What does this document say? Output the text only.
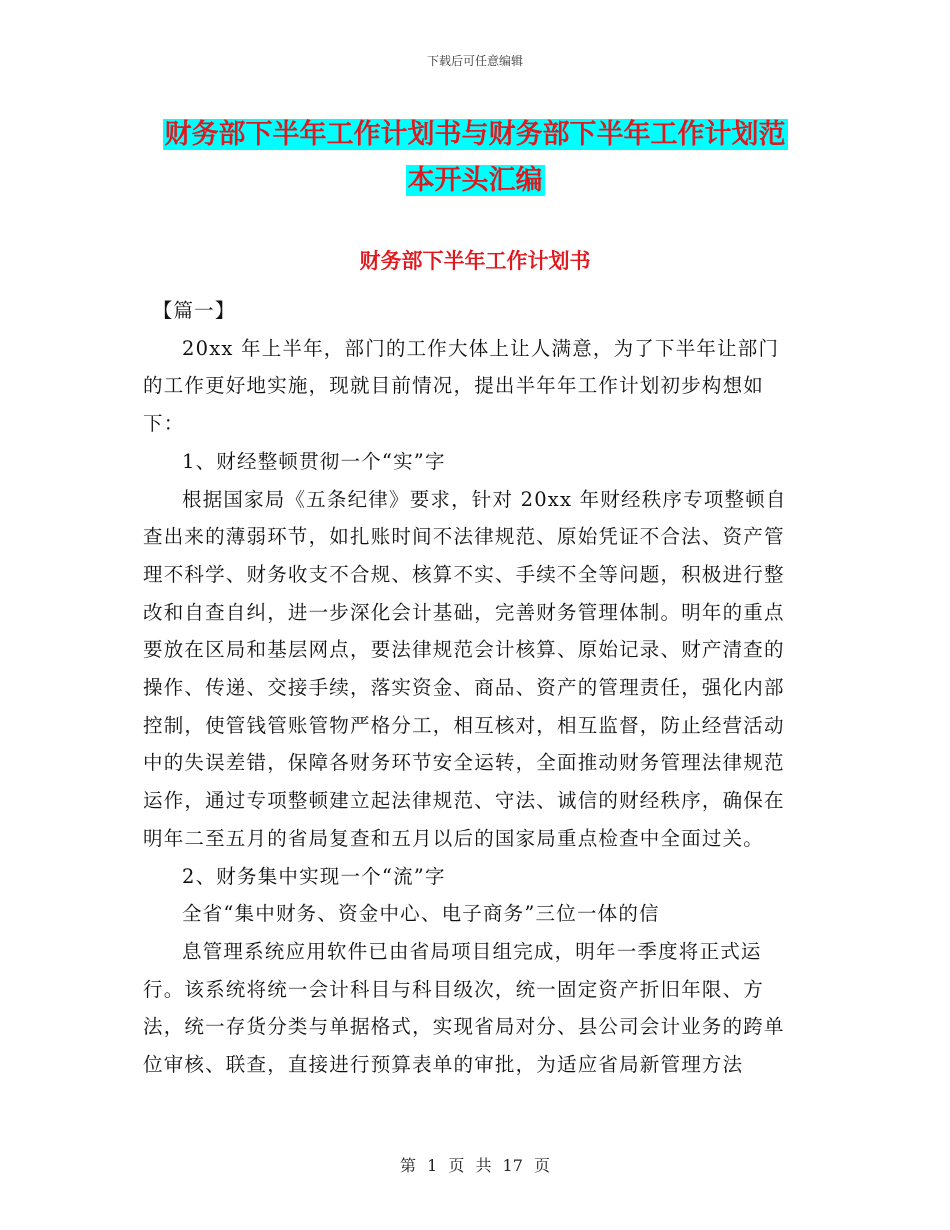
下载后可任意编辑
财务部下半年工作计划书与财务部下半年工作计划范
本开头汇编
财务部下半年工作计划书

【篇一】

20xx 年上半年，部门的工作大体上让人满意，为了下半年让部门的工作更好地实施，现就目前情况，提出半年年工作计划初步构想如下：

1、财经整顿贯彻一个“实”字

根据国家局《五条纪律》要求，针对 20xx 年财经秩序专项整顿自查出来的薄弱环节，如扎账时间不法律规范、原始凭证不合法、资产管理不科学、财务收支不合规、核算不实、手续不全等问题，积极进行整改和自查自纠，进一步深化会计基础，完善财务管理体制。明年的重点要放在区局和基层网点，要法律规范会计核算、原始记录、财产清查的操作、传递、交接手续，落实资金、商品、资产的管理责任，强化内部控制，使管钱管账管物严格分工，相互核对，相互监督，防止经营活动中的失误差错，保障各财务环节安全运转，全面推动财务管理法律规范运作，通过专项整顿建立起法律规范、守法、诚信的财经秩序，确保在明年二至五月的省局复查和五月以后的国家局重点检查中全面过关。

2、财务集中实现一个“流”字

全省“集中财务、资金中心、电子商务”三位一体的信

息管理系统应用软件已由省局项目组完成，明年一季度将正式运行。该系统将统一会计科目与科目级次，统一固定资产折旧年限、方法，统一存货分类与单据格式，实现省局对分、县公司会计业务的跨单位审核、联查，直接进行预算表单的审批，为适应省局新管理方法

第 1 页 共 17 页
